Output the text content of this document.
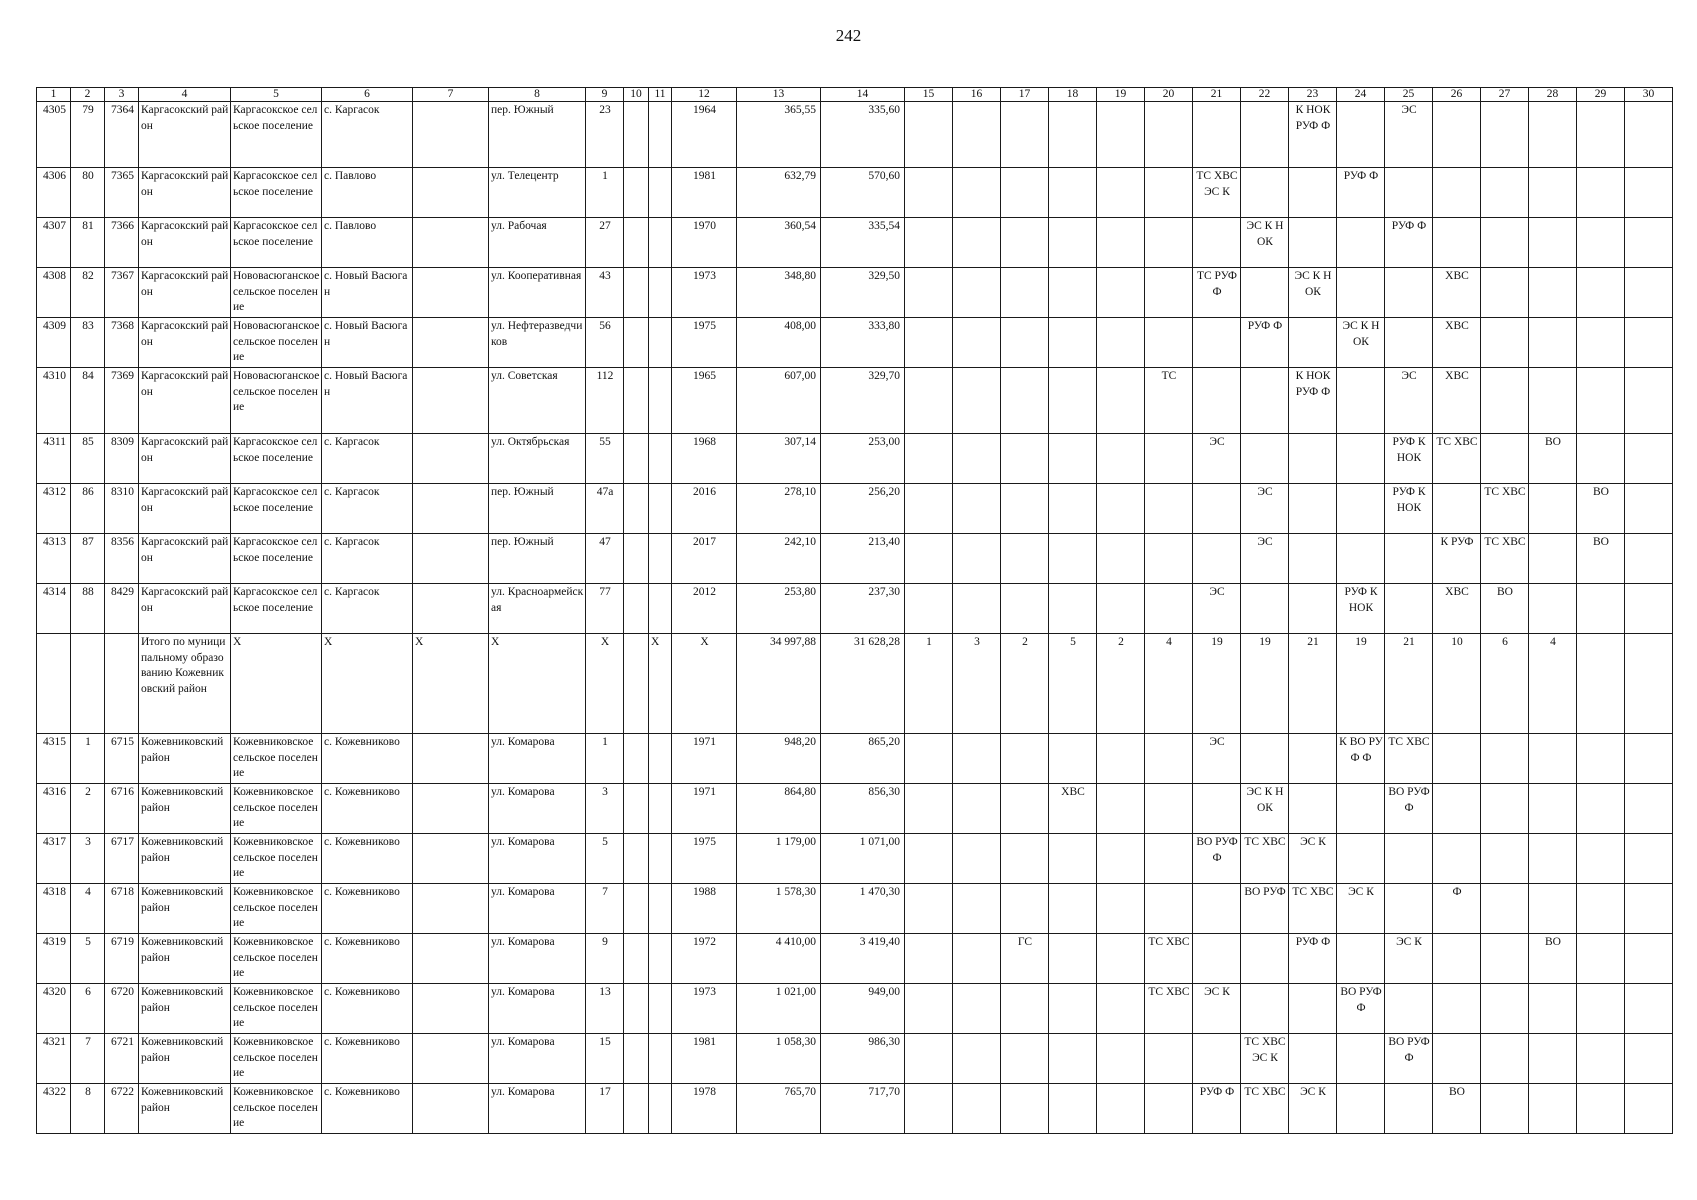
242
1	2	3	4	5	6	7	8	9	10	11	12	13	14	15	16	17	18	19	20	21	22	23	24	25	26	27	28	29	30
4305	79	7364	Каргасокский район	Каргасокское сельское поселение	с. Каргасок		пер. Южный	23			1964	365,55	335,60									К НОК РУФ Ф		ЭС					
4306	80	7365	Каргасокский район	Каргасокское сельское поселение	с. Павлово		ул. Телецентр	1			1981	632,79	570,60							ТС ХВС ЭС К			РУФ Ф						
4307	81	7366	Каргасокский район	Каргасокское сельское поселение	с. Павлово		ул. Рабочая	27			1970	360,54	335,54								ЭС К НОК			РУФ Ф					
4308	82	7367	Каргасокский район	Нововасюганское сельское поселение	с. Новый Васюган		ул. Кооперативная	43			1973	348,80	329,50							ТС РУФ Ф		ЭС К НОК			ХВС				
4309	83	7368	Каргасокский район	Нововасюганское сельское поселение	с. Новый Васюган		ул. Нефтеразведчиков	56			1975	408,00	333,80								РУФ Ф		ЭС К НОК		ХВС				
4310	84	7369	Каргасокский район	Нововасюганское сельское поселение	с. Новый Васюган		ул. Советская	112			1965	607,00	329,70						ТС			К НОК РУФ Ф		ЭС	ХВС				
4311	85	8309	Каргасокский район	Каргасокское сельское поселение	с. Каргасок		ул. Октябрьская	55			1968	307,14	253,00							ЭС				РУФ К НОК	ТС ХВС		ВО		
4312	86	8310	Каргасокский район	Каргасокское сельское поселение	с. Каргасок		пер. Южный	47а			2016	278,10	256,20								ЭС			РУФ К НОК		ТС ХВС		ВО	
4313	87	8356	Каргасокский район	Каргасокское сельское поселение	с. Каргасок		пер. Южный	47			2017	242,10	213,40								ЭС				К РУФ	ТС ХВС		ВО	
4314	88	8429	Каргасокский район	Каргасокское сельское поселение	с. Каргасок		ул. Красноармейская	77			2012	253,80	237,30							ЭС			РУФ К НОК		ХВС	ВО			
			Итого по муниципальному образованию Кожевниковский район	X	X	X	X	X		X	X	34 997,88	31 628,28	1	3	2	5	2	4	19	19	21	19	21	10	6	4		
4315	1	6715	Кожевниковский район	Кожевниковское сельское поселение	с. Кожевниково		ул. Комарова	1			1971	948,20	865,20							ЭС			К ВО РУФ Ф	ТС ХВС					
4316	2	6716	Кожевниковский район	Кожевниковское сельское поселение	с. Кожевниково		ул. Комарова	3			1971	864,80	856,30				ХВС				ЭС К НОК			ВО РУФ Ф					
4317	3	6717	Кожевниковский район	Кожевниковское сельское поселение	с. Кожевниково		ул. Комарова	5			1975	1 179,00	1 071,00							ВО РУФ Ф	ТС ХВС	ЭС К							
4318	4	6718	Кожевниковский район	Кожевниковское сельское поселение	с. Кожевниково		ул. Комарова	7			1988	1 578,30	1 470,30								ВО РУФ	ТС ХВС	ЭС К		Ф				
4319	5	6719	Кожевниковский район	Кожевниковское сельское поселение	с. Кожевниково		ул. Комарова	9			1972	4 410,00	3 419,40			ГС			ТС ХВС			РУФ Ф		ЭС К			ВО		
4320	6	6720	Кожевниковский район	Кожевниковское сельское поселение	с. Кожевниково		ул. Комарова	13			1973	1 021,00	949,00						ТС ХВС	ЭС К			ВО РУФ Ф						
4321	7	6721	Кожевниковский район	Кожевниковское сельское поселение	с. Кожевниково		ул. Комарова	15			1981	1 058,30	986,30								ТС ХВС ЭС К			ВО РУФ Ф					
4322	8	6722	Кожевниковский район	Кожевниковское сельское поселение	с. Кожевниково		ул. Комарова	17			1978	765,70	717,70							РУФ Ф	ТС ХВС	ЭС К			ВО				
